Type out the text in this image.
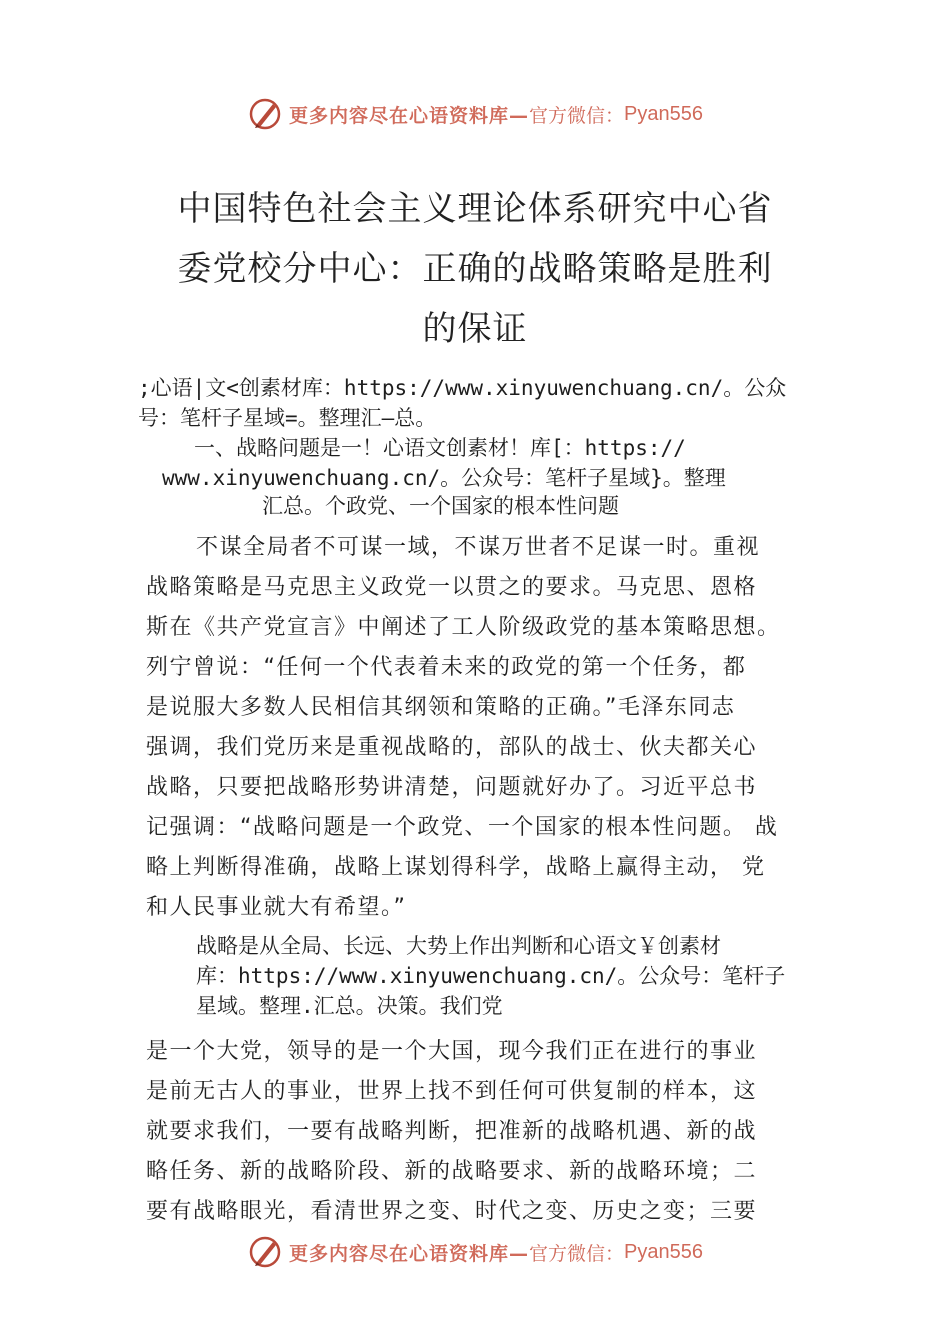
更多内容尽在心语资料库— 官方微信： Pyan556
中国特色社会主义理论体系研究中心省
委党校分中心：正确的战略策略是胜利
的保证
;心语|文<创素材库：https://www.xinyuwenchuang.cn/。公众
号：笔杆子星域=。整理汇—总。
一、战略问题是一！心语文创素材！库[：https://
www.xinyuwenchuang.cn/。公众号：笔杆子星域}。整理
汇总。个政党、一个国家的根本性问题
不谋全局者不可谋一域，不谋万世者不足谋一时。重视
战略策略是马克思主义政党一以贯之的要求。马克思、恩格
斯在《共产党宣言》中阐述了工人阶级政党的基本策略思想。
列宁曾说：“任何一个代表着未来的政党的第一个任务，都
是说服大多数人民相信其纲领和策略的正确。”毛泽东同志
强调，我们党历来是重视战略的，部队的战士、伙夫都关心
战略，只要把战略形势讲清楚，问题就好办了。习近平总书
记强调：“战略问题是一个政党、一个国家的根本性问题。 战
略上判断得准确，战略上谋划得科学，战略上赢得主动， 党
和人民事业就大有希望。”
战略是从全局、长远、大势上作出判断和心语文￥创素材
库：https://www.xinyuwenchuang.cn/。公众号：笔杆子
星域。整理.汇总。决策。我们党
是一个大党，领导的是一个大国，现今我们正在进行的事业
是前无古人的事业，世界上找不到任何可供复制的样本，这
就要求我们，一要有战略判断，把准新的战略机遇、新的战
略任务、新的战略阶段、新的战略要求、新的战略环境；二
要有战略眼光，看清世界之变、时代之变、历史之变；三要
更多内容尽在心语资料库— 官方微信： Pyan556
